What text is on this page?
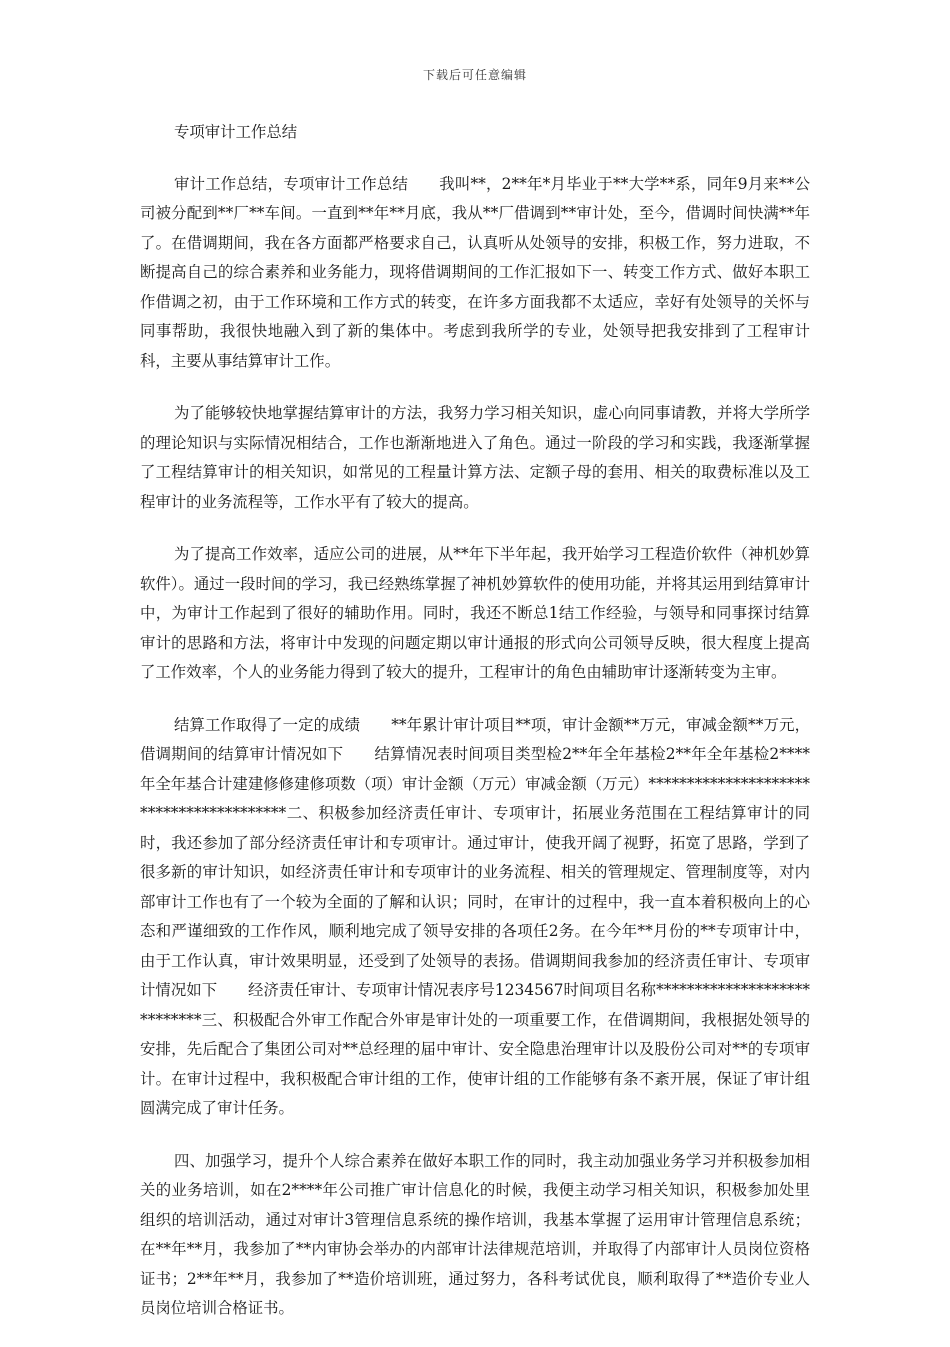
下载后可任意编辑
专项审计工作总结

审计工作总结，专项审计工作总结　　我叫**，2**年*月毕业于**大学**系，同年9月来**公司被分配到**厂**车间。一直到**年**月底，我从**厂借调到**审计处，至今，借调时间快满**年了。在借调期间，我在各方面都严格要求自己，认真听从处领导的安排，积极工作，努力进取，不断提高自己的综合素养和业务能力，现将借调期间的工作汇报如下一、转变工作方式、做好本职工作借调之初，由于工作环境和工作方式的转变，在许多方面我都不太适应，幸好有处领导的关怀与同事帮助，我很快地融入到了新的集体中。考虑到我所学的专业，处领导把我安排到了工程审计科，主要从事结算审计工作。

为了能够较快地掌握结算审计的方法，我努力学习相关知识，虚心向同事请教，并将大学所学的理论知识与实际情况相结合，工作也渐渐地进入了角色。通过一阶段的学习和实践，我逐渐掌握了工程结算审计的相关知识，如常见的工程量计算方法、定额子母的套用、相关的取费标准以及工程审计的业务流程等，工作水平有了较大的提高。

为了提高工作效率，适应公司的进展，从**年下半年起，我开始学习工程造价软件（神机妙算软件）。通过一段时间的学习，我已经熟练掌握了神机妙算软件的使用功能，并将其运用到结算审计中，为审计工作起到了很好的辅助作用。同时，我还不断总1结工作经验，与领导和同事探讨结算审计的思路和方法，将审计中发现的问题定期以审计通报的形式向公司领导反映，很大程度上提高了工作效率，个人的业务能力得到了较大的提升，工程审计的角色由辅助审计逐渐转变为主审。

结算工作取得了一定的成绩　　**年累计审计项目**项，审计金额**万元，审减金额**万元，借调期间的结算审计情况如下　　结算情况表时间项目类型检2**年全年基检2**年全年基检2****年全年基合计建建修修建修项数（项）审计金额（万元）审减金额（万元）****************************************二、积极参加经济责任审计、专项审计，拓展业务范围在工程结算审计的同时，我还参加了部分经济责任审计和专项审计。通过审计，使我开阔了视野，拓宽了思路，学到了很多新的审计知识，如经济责任审计和专项审计的业务流程、相关的管理规定、管理制度等，对内部审计工作也有了一个较为全面的了解和认识；同时，在审计的过程中，我一直本着积极向上的心态和严谨细致的工作作风，顺利地完成了领导安排的各项任2务。在今年**月份的**专项审计中，由于工作认真，审计效果明显，还受到了处领导的表扬。借调期间我参加的经济责任审计、专项审计情况如下　　经济责任审计、专项审计情况表序号1234567时间项目名称****************************三、积极配合外审工作配合外审是审计处的一项重要工作，在借调期间，我根据处领导的安排，先后配合了集团公司对**总经理的届中审计、安全隐患治理审计以及股份公司对**的专项审计。在审计过程中，我积极配合审计组的工作，使审计组的工作能够有条不紊开展，保证了审计组圆满完成了审计任务。

四、加强学习，提升个人综合素养在做好本职工作的同时，我主动加强业务学习并积极参加相关的业务培训，如在2****年公司推广审计信息化的时候，我便主动学习相关知识，积极参加处里组织的培训活动，通过对审计3管理信息系统的操作培训，我基本掌握了运用审计管理信息系统；在**年**月，我参加了**内审协会举办的内部审计法律规范培训，并取得了内部审计人员岗位资格证书；2**年**月，我参加了**造价培训班，通过努力，各科考试优良，顺利取得了**造价专业人员岗位培训合格证书。
